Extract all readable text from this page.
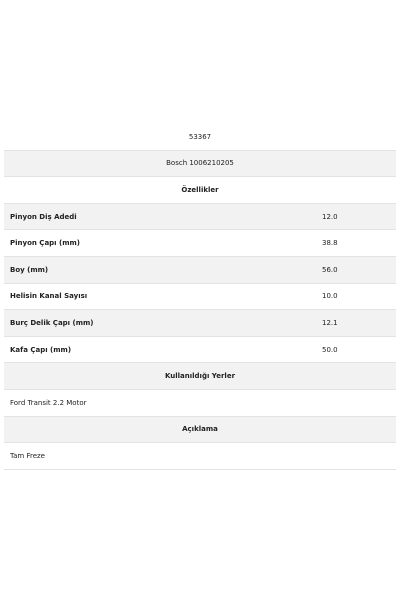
53367
Bosch 1006210205
Özellikler
Pinyon Diş Adedi	12.0
Pinyon Çapı (mm)	38.8
Boy (mm)	56.0
Helisin Kanal Sayısı	10.0
Burç Delik Çapı (mm)	12.1
Kafa Çapı (mm)	50.0
Kullanıldığı Yerler
Ford Transit 2.2 Motor
Açıklama
Tam Freze
